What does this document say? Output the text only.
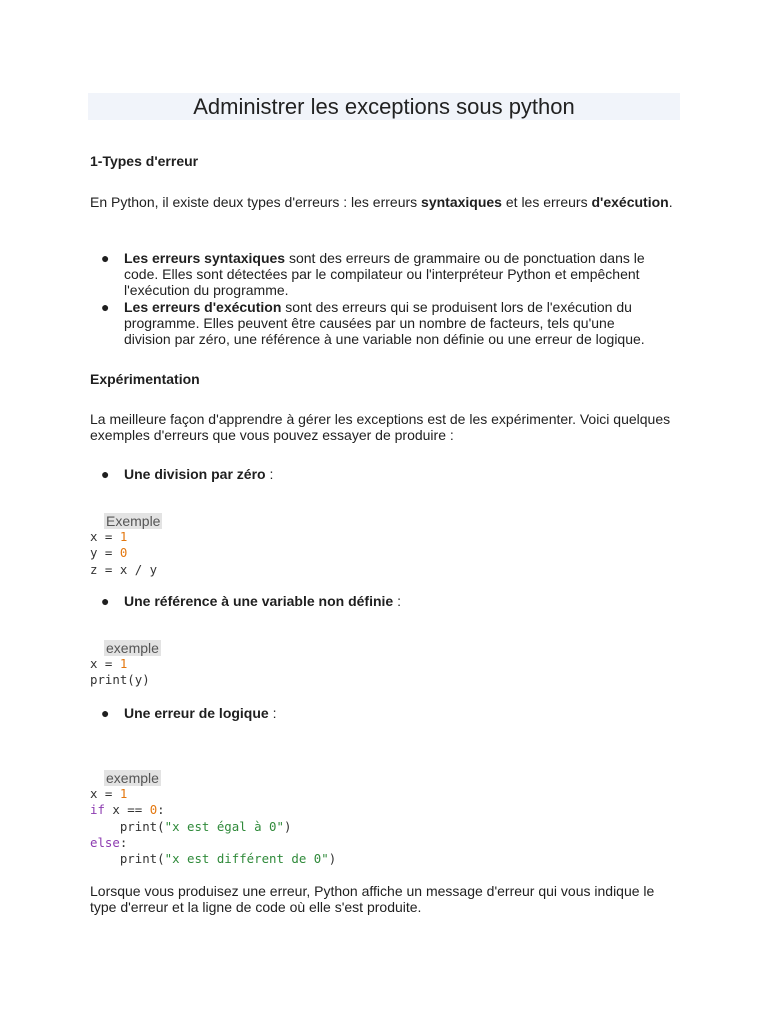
Administrer les exceptions sous python

1-Types d'erreur

En Python, il existe deux types d'erreurs : les erreurs syntaxiques et les erreurs d'exécution.

● Les erreurs syntaxiques sont des erreurs de grammaire ou de ponctuation dans le code. Elles sont détectées par le compilateur ou l'interpréteur Python et empêchent l'exécution du programme.

● Les erreurs d'exécution sont des erreurs qui se produisent lors de l'exécution du programme. Elles peuvent être causées par un nombre de facteurs, tels qu'une division par zéro, une référence à une variable non définie ou une erreur de logique.

Expérimentation

La meilleure façon d'apprendre à gérer les exceptions est de les expérimenter. Voici quelques exemples d'erreurs que vous pouvez essayer de produire :

● Une division par zéro :

Exemple
x = 1
y = 0
z = x / y
● Une référence à une variable non définie :

exemple
x = 1
print(y)
● Une erreur de logique :

exemple
x = 1
if x == 0:
print("x est égal à 0")
else:
print("x est différent de 0")

Lorsque vous produisez une erreur, Python affiche un message d'erreur qui vous indique le type d'erreur et la ligne de code où elle s'est produite.
